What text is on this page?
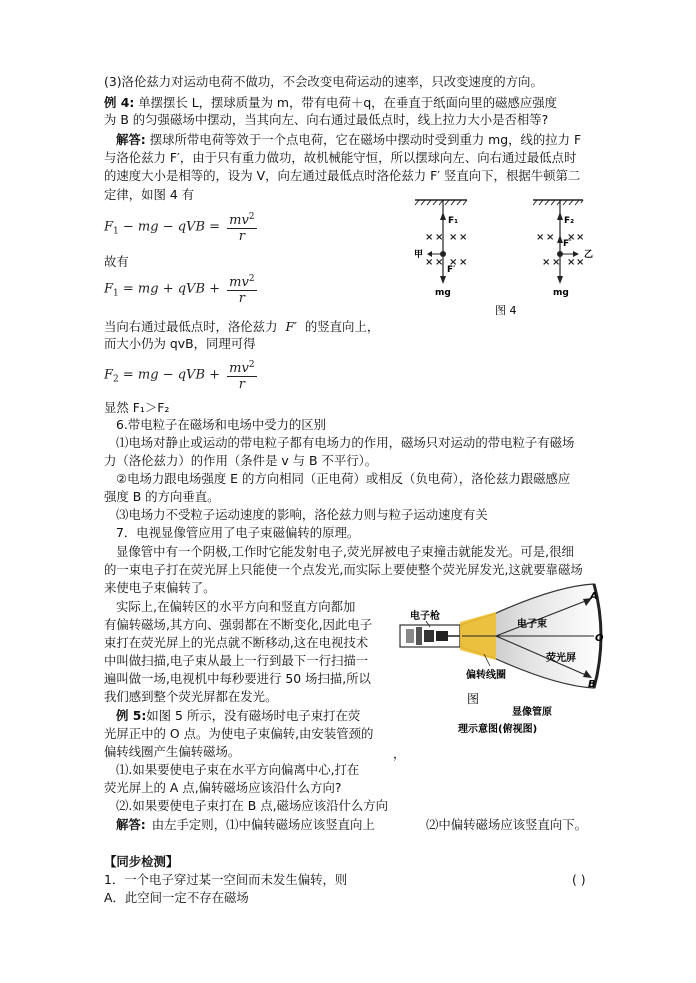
(3)洛伦兹力对运动电荷不做功，不会改变电荷运动的速率，只改变速度的方向。
例 4: 单摆摆长 L，摆球质量为 m，带有电荷＋q，在垂直于纸面向里的磁感应强度
为 B 的匀强磁场中摆动，当其向左、向右通过最低点时，线上拉力大小是否相等?
解答: 摆球所带电荷等效于一个点电荷，它在磁场中摆动时受到重力 mg，线的拉力 F
与洛伦兹力 F′，由于只有重力做功，故机械能守恒，所以摆球向左、向右通过最低点时
的速度大小是相等的，设为 V，向左通过最低点时洛伦兹力 F′ 竖直向下，根据牛顿第二
定律，如图 4 有
$F_1$ − mg − qVB = $\frac{mv^2}{r}$
故有
$F_1$ = mg + qVB + $\frac{mv^2}{r}$
当向右通过最低点时，洛伦兹力 F′ 的竖直向上，
而大小仍为 qvB，同理可得
$F_2$ = mg − qVB + $\frac{mv^2}{r}$
显然 F₁＞F₂
6.带电粒子在磁场和电场中受力的区别
⑴电场对静止或运动的带电粒子都有电场力的作用，磁场只对运动的带电粒子有磁场
力（洛伦兹力）的作用（条件是 v 与 B 不平行）。
②电场力跟电场强度 E 的方向相同（正电荷）或相反（负电荷），洛伦兹力跟磁感应
强度 B 的方向垂直。
⑶电场力不受粒子运动速度的影响，洛伦兹力则与粒子运动速度有关
7．电视显像管应用了电子束磁偏转的原理。
显像管中有一个阴极,工作时它能发射电子,荧光屏被电子束撞击就能发光。可是,很细
的一束电子打在荧光屏上只能使一个点发光,而实际上要使整个荧光屏发光,这就要靠磁场
来使电子束偏转了。
实际上,在偏转区的水平方向和竖直方向都加
有偏转磁场,其方向、强弱都在不断变化,因此电子
束打在荧光屏上的光点就不断移动,这在电视技术
中叫做扫描,电子束从最上一行到最下一行扫描一
遍叫做一场,电视机中每秒要进行 50 场扫描,所以
我们感到整个荧光屏都在发光。
例 5:如图 5 所示，没有磁场时电子束打在荧
光屏正中的 O 点。为使电子束偏转,由安装管颈的
偏转线圈产生偏转磁场。	，
⑴.如果要使电子束在水平方向偏离中心,打在
荧光屏上的 A 点,偏转磁场应该沿什么方向?
⑵.如果要使电子束打在 B 点,磁场应该沿什么方向
解答: 由左手定则，⑴中偏转磁场应该竖直向上	⑵中偏转磁场应该竖直向下。
【同步检测】
1．一个电子穿过某一空间而未发生偏转，则	( )
A．此空间一定不存在磁场
F₁
× × × ×
× × × ×
甲
F′
mg
F₂
F′
× × × ×
× × × ×
乙
mg
图 4
电子枪
电子束
荧光屏
A
O
B
偏转线圈
图
显像管原
理示意图(俯视图)
